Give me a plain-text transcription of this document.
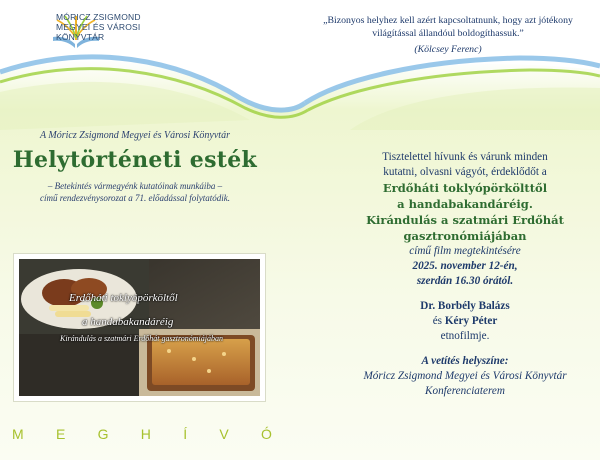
MÓRICZ ZSIGMOND
MEGYEI ÉS VÁROSI
KÖNYVTÁR
„Bizonyos helyhez kell azért kapcsoltatnunk, hogy azt jótékony világítással állandóul boldogíthassuk.”
(Kölcsey Ferenc)
A Móricz Zsigmond Megyei és Városi Könyvtár
Helytörténeti esték
– Betekintés vármegyénk kutatóinak munkáiba –
című rendezvénysorozat a 71. előadással folytatódik.
Erdőháti toklyópörköltől
a handabakandáréig
Kirándulás a szatmári Erdőhát gasztronómiájában
M E G H Í V Ó
Tisztelettel hívunk és várunk minden
kutatni, olvasni vágyót, érdeklődőt a
Erdőháti toklyópörkölttől
a handabakandáréig.
Kirándulás a szatmári Erdőhát
gasztronómiájában
című film megtekintésére
2025. november 12-én,
szerdán 16.30 órától.
Dr. Borbély Balázs
és Kéry Péter
etnofilmje.
A vetítés helyszíne:
Móricz Zsigmond Megyei és Városi Könyvtár
Konferenciaterem
